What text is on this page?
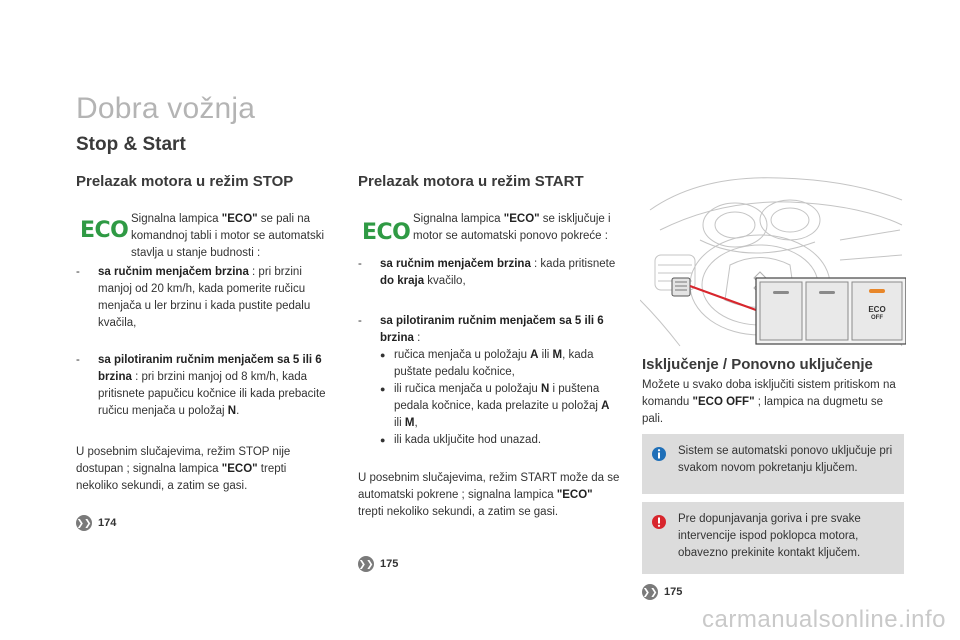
Dobra vožnja
Stop & Start
Prelazak motora u režim STOP
ECO Signalna lampica "ECO" se pali na komandnoj tabli i motor se automatski stavlja u stanje budnosti :
- sa ručnim menjačem brzina : pri brzini manjoj od 20 km/h, kada pomerite ručicu menjača u ler brzinu i kada pustite pedalu kvačila,
- sa pilotiranim ručnim menjačem sa 5 ili 6 brzina : pri brzini manjoj od 8 km/h, kada pritisnete papučicu kočnice ili kada prebacite ručicu menjača u položaj N.
U posebnim slučajevima, režim STOP nije dostupan ; signalna lampica "ECO" trepti nekoliko sekundi, a zatim se gasi.
❯❯ 174
Prelazak motora u režim START
ECO
Signalna lampica "ECO" se isključuje i motor se automatski ponovo pokreće :
- sa ručnim menjačem brzina : kada pritisnete do kraja kvačilo,
- sa pilotiranim ručnim menjačem sa 5 ili 6 brzina :
● ručica menjača u položaju A ili M, kada puštate pedalu kočnice,
● ili ručica menjača u položaju N i puštena pedala kočnice, kada prelazite u položaj A ili M,
● ili kada uključite hod unazad.
U posebnim slučajevima, režim START može da se automatski pokrene ; signalna lampica "ECO" trepti nekoliko sekundi, a zatim se gasi.
❯❯ 175
ECO
OFF
Isključenje / Ponovno uključenje
Možete u svako doba isključiti sistem pritiskom na komandu "ECO OFF" ; lampica na dugmetu se pali.
Sistem se automatski ponovo uključuje pri svakom novom pokretanju ključem.
Pre dopunjavanja goriva i pre svake intervencije ispod poklopca motora, obavezno prekinite kontakt ključem.
❯❯ 175
carmanualsonline.info
